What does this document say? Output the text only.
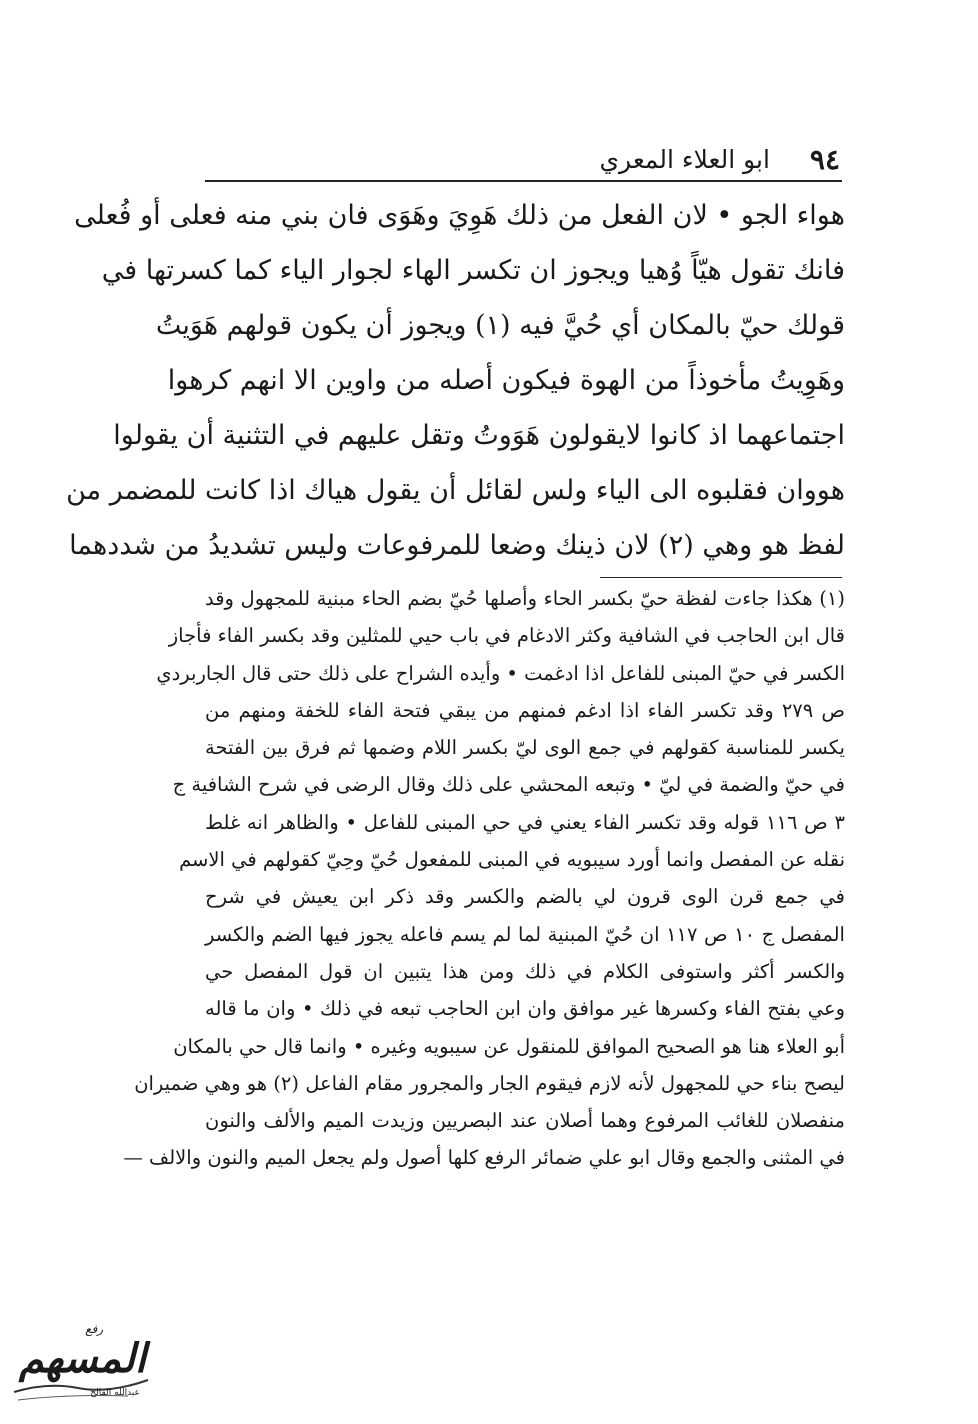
٩٤
ابو العلاء المعري
هواء الجو • لان الفعل من ذلك هَوِيَ وهَوَى فان بني منه فعلى أو فُعلى
فانك تقول هيّاً وُهيا ويجوز ان تكسر الهاء لجوار الياء كما كسرتها في
قولك حيّ بالمكان أي حُيَّ فيه (١) ويجوز أن يكون قولهم هَوَيتُ
وهَوِيتُ مأخوذاً من الهوة فيكون أصله من واوين الا انهم كرهوا
اجتماعهما اذ كانوا لايقولون هَوَوتُ وتقل عليهم في التثنية أن يقولوا
هووان فقلبوه الى الياء ولس لقائل أن يقول هياك اذا كانت للمضمر من
لفظ هو وهي (٢) لان ذينك وضعا للمرفوعات وليس تشديدُ من شددهما
(١) هكذا جاءت لفظة حيّ بكسر الحاء وأصلها حُيّ بضم الحاء مبنية للمجهول وقد
قال ابن الحاجب في الشافية وكثر الادغام في باب حيي للمثلين وقد بكسر الفاء فأجاز
الكسر في حيّ المبنى للفاعل اذا ادغمت • وأيده الشراح على ذلك حتى قال الجاربردي
ص ٢٧٩ وقد تكسر الفاء اذا ادغم فمنهم من يبقي فتحة الفاء للخفة ومنهم من
يكسر للمناسبة كقولهم في جمع الوى ليّ بكسر اللام وضمها ثم فرق بين الفتحة
في حيّ والضمة في ليّ • وتبعه المحشي على ذلك وقال الرضى في شرح الشافية ج
٣ ص ١١٦ قوله وقد تكسر الفاء يعني في حي المبنى للفاعل • والظاهر انه غلط
نقله عن المفصل وانما أورد سيبويه في المبنى للمفعول حُيّ وحِيّ كقولهم في الاسم
في جمع قرن الوى قرون لي بالضم والكسر وقد ذكر ابن يعيش في شرح
المفصل ج ١٠ ص ١١٧ ان حُيّ المبنية لما لم يسم فاعله يجوز فيها الضم والكسر
والكسر أكثر واستوفى الكلام في ذلك ومن هذا يتبين ان قول المفصل حي
وعي بفتح الفاء وكسرها غير موافق وان ابن الحاجب تبعه في ذلك • وان ما قاله
أبو العلاء هنا هو الصحيح الموافق للمنقول عن سيبويه وغيره • وانما قال حي بالمكان
ليصح بناء حي للمجهول لأنه لازم فيقوم الجار والمجرور مقام الفاعل (٢) هو وهي ضميران
منفصلان للغائب المرفوع وهما أصلان عند البصريين وزيدت الميم والألف والنون
في المثنى والجمع وقال ابو علي ضمائر الرفع كلها أصول ولم يجعل الميم والنون والالف —
رفع
المسهم
عبدالله الفالح
